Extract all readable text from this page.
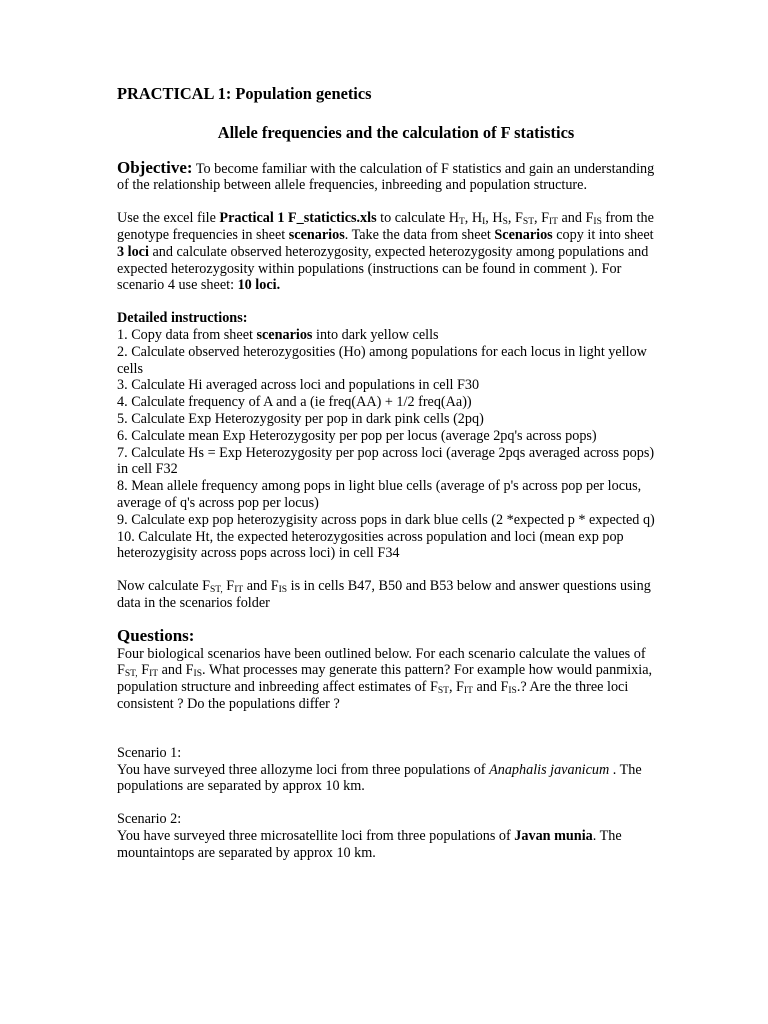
PRACTICAL 1: Population genetics
Allele frequencies and the calculation of F statistics

Objective: To become familiar with the calculation of F statistics and gain an understanding of the relationship between allele frequencies, inbreeding and population structure.

Use the excel file Practical 1 F_statictics.xls to calculate $H_T$, $H_I$, $H_S$, $F_{ST}$, $F_{IT}$ and $F_{IS}$ from the genotype frequencies in sheet scenarios. Take the data from sheet Scenarios copy it into sheet 3 loci and calculate observed heterozygosity, expected heterozygosity among populations and expected heterozygosity within populations (instructions can be found in comment ). For scenario 4 use sheet: 10 loci.

Detailed instructions:

1. Copy data from sheet scenarios into dark yellow cells

2. Calculate observed heterozygosities (Ho) among populations for each locus in light yellow cells

3. Calculate Hi averaged across loci and populations in cell F30

4. Calculate frequency of A and a (ie freq(AA) + 1/2 freq(Aa))

5. Calculate Exp Heterozygosity per pop in dark pink cells (2pq)

6. Calculate mean Exp Heterozygosity per pop per locus (average 2pq's across pops)

7. Calculate Hs = Exp Heterozygosity per pop across loci (average 2pqs averaged across pops) in cell F32

8. Mean allele frequency among pops in light blue cells (average of p's across pop per locus, average of q's across pop per locus)

9. Calculate exp pop heterozygisity across pops in dark blue cells (2 *expected p * expected q)

10. Calculate Ht, the expected heterozygosities across population and loci (mean exp pop heterozygisity across pops across loci) in cell F34

Now calculate $F_{ST,}$ $F_{IT}$ and $F_{IS}$ is in cells B47, B50 and B53 below and answer questions using data in the scenarios folder

Questions:

Four biological scenarios have been outlined below. For each scenario calculate the values of $F_{ST,}$ $F_{IT}$ and $F_{IS}$. What processes may generate this pattern? For example how would panmixia, population structure and inbreeding affect estimates of $F_{ST}$, $F_{IT}$ and $F_{IS}$.? Are the three loci consistent ? Do the populations differ ?

Scenario 1:

You have surveyed three allozyme loci from three populations of Anaphalis javanicum . The populations are separated by approx 10 km.

Scenario 2:

You have surveyed three microsatellite loci from three populations of Javan munia. The mountaintops are separated by approx 10 km.
